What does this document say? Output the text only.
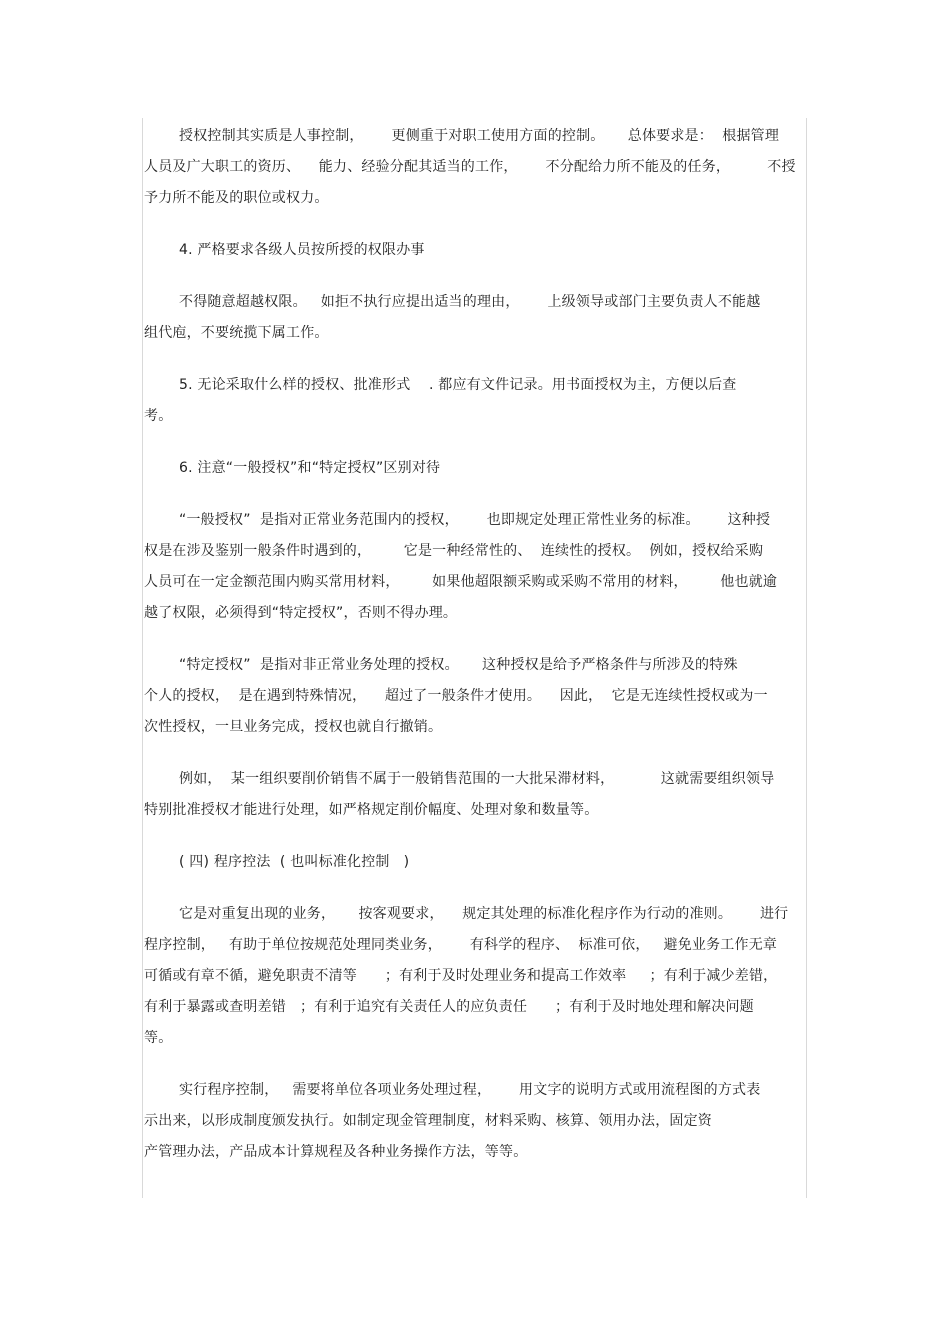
授权控制其实质是人事控制，      更侧重于对职工使用方面的控制。     总体要求是：  根据管理
人员及广大职工的资历、    能力、经验分配其适当的工作，      不分配给力所不能及的任务，        不授
予力所不能及的职位或权力。
4. 严格要求各级人员按所授的权限办事
不得随意超越权限。   如拒不执行应提出适当的理由，      上级领导或部门主要负责人不能越
组代庖，不要统揽下属工作。
5. 无论采取什么样的授权、批准形式    . 都应有文件记录。用书面授权为主，方便以后查
考。
6. 注意“一般授权”和“特定授权”区别对待
“一般授权”  是指对正常业务范围内的授权，      也即规定处理正常性业务的标准。      这种授
权是在涉及鉴别一般条件时遇到的，       它是一种经常性的、  连续性的授权。  例如，授权给采购
人员可在一定金额范围内购买常用材料，       如果他超限额采购或采购不常用的材料，       他也就逾
越了权限，必须得到“特定授权”，否则不得办理。
“特定授权”  是指对非正常业务处理的授权。     这种授权是给予严格条件与所涉及的特殊
个人的授权，  是在遇到特殊情况，    超过了一般条件才使用。    因此，  它是无连续性授权或为一
次性授权，一旦业务完成，授权也就自行撤销。
例如，  某一组织要削价销售不属于一般销售范围的一大批呆滞材料，          这就需要组织领导
特别批准授权才能进行处理，如严格规定削价幅度、处理对象和数量等。
( 四) 程序控法  ( 也叫标准化控制   )
它是对重复出现的业务，     按客观要求，    规定其处理的标准化程序作为行动的准则。      进行
程序控制，   有助于单位按规范处理同类业务，      有科学的程序、  标准可依，   避免业务工作无章
可循或有章不循，避免职责不清等      ；有利于及时处理业务和提高工作效率     ；有利于减少差错，
有利于暴露或查明差错   ；有利于追究有关责任人的应负责任      ；有利于及时地处理和解决问题
等。
实行程序控制，   需要将单位各项业务处理过程，      用文字的说明方式或用流程图的方式表
示出来，以形成制度颁发执行。如制定现金管理制度，材料采购、核算、领用办法，固定资
产管理办法，产品成本计算规程及各种业务操作方法，等等。
